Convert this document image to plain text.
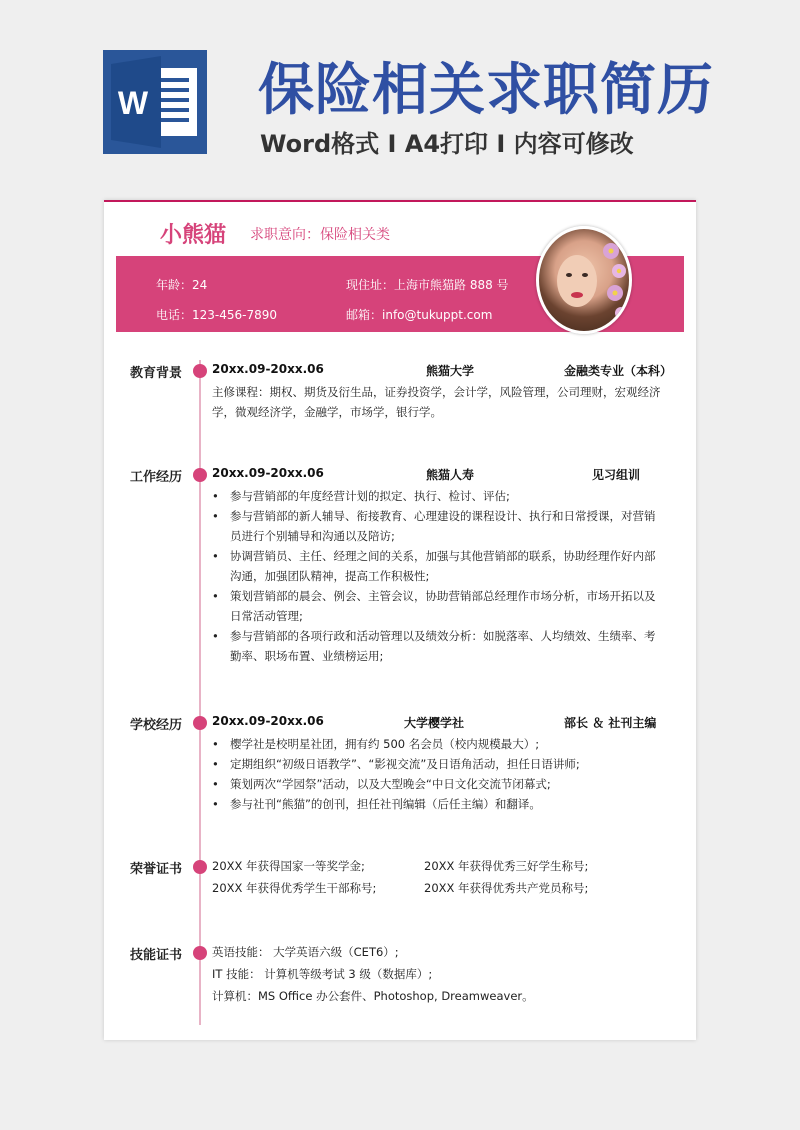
W 保险相关求职简历
Word格式 I A4打印 I 内容可修改
小熊猫 求职意向：保险相关类
年龄：24	现住址：上海市熊猫路 888 号
电话：123-456-7890	邮箱：info@tukuppt.com
教育背景 20xx.09-20xx.06	熊猫大学	金融类专业（本科）
主修课程：期权、期货及衍生品，证券投资学，会计学，风险管理，公司理财，宏观经济学，微观经济学，金融学，市场学，银行学。
工作经历 20xx.09-20xx.06	熊猫人寿	见习组训
• 参与营销部的年度经营计划的拟定、执行、检讨、评估;
• 参与营销部的新人辅导、衔接教育、心理建设的课程设计、执行和日常授课，对营销员进行个别辅导和沟通以及陪访;
• 协调营销员、主任、经理之间的关系，加强与其他营销部的联系，协助经理作好内部沟通，加强团队精神，提高工作积极性;
• 策划营销部的晨会、例会、主管会议，协助营销部总经理作市场分析，市场开拓以及日常活动管理;
• 参与营销部的各项行政和活动管理以及绩效分析：如脱落率、人均绩效、生绩率、考勤率、职场布置、业绩榜运用;
学校经历 20xx.09-20xx.06	大学樱学社	部长 ＆ 社刊主编
• 樱学社是校明星社团，拥有约 500 名会员（校内规模最大）;
• 定期组织“初级日语教学”、“影视交流”及日语角活动，担任日语讲师;
• 策划两次“学园祭”活动，以及大型晚会“中日文化交流节闭幕式;
• 参与社刊“熊猫”的创刊，担任社刊编辑（后任主编）和翻译。
荣誉证书	20XX 年获得国家一等奖学金;	20XX 年获得优秀三好学生称号;
20XX 年获得优秀学生干部称号;	20XX 年获得优秀共产党员称号;
技能证书	英语技能： 大学英语六级（CET6）;
IT 技能： 计算机等级考试 3 级（数据库）;
计算机：MS Office 办公套件、Photoshop, Dreamweaver。
